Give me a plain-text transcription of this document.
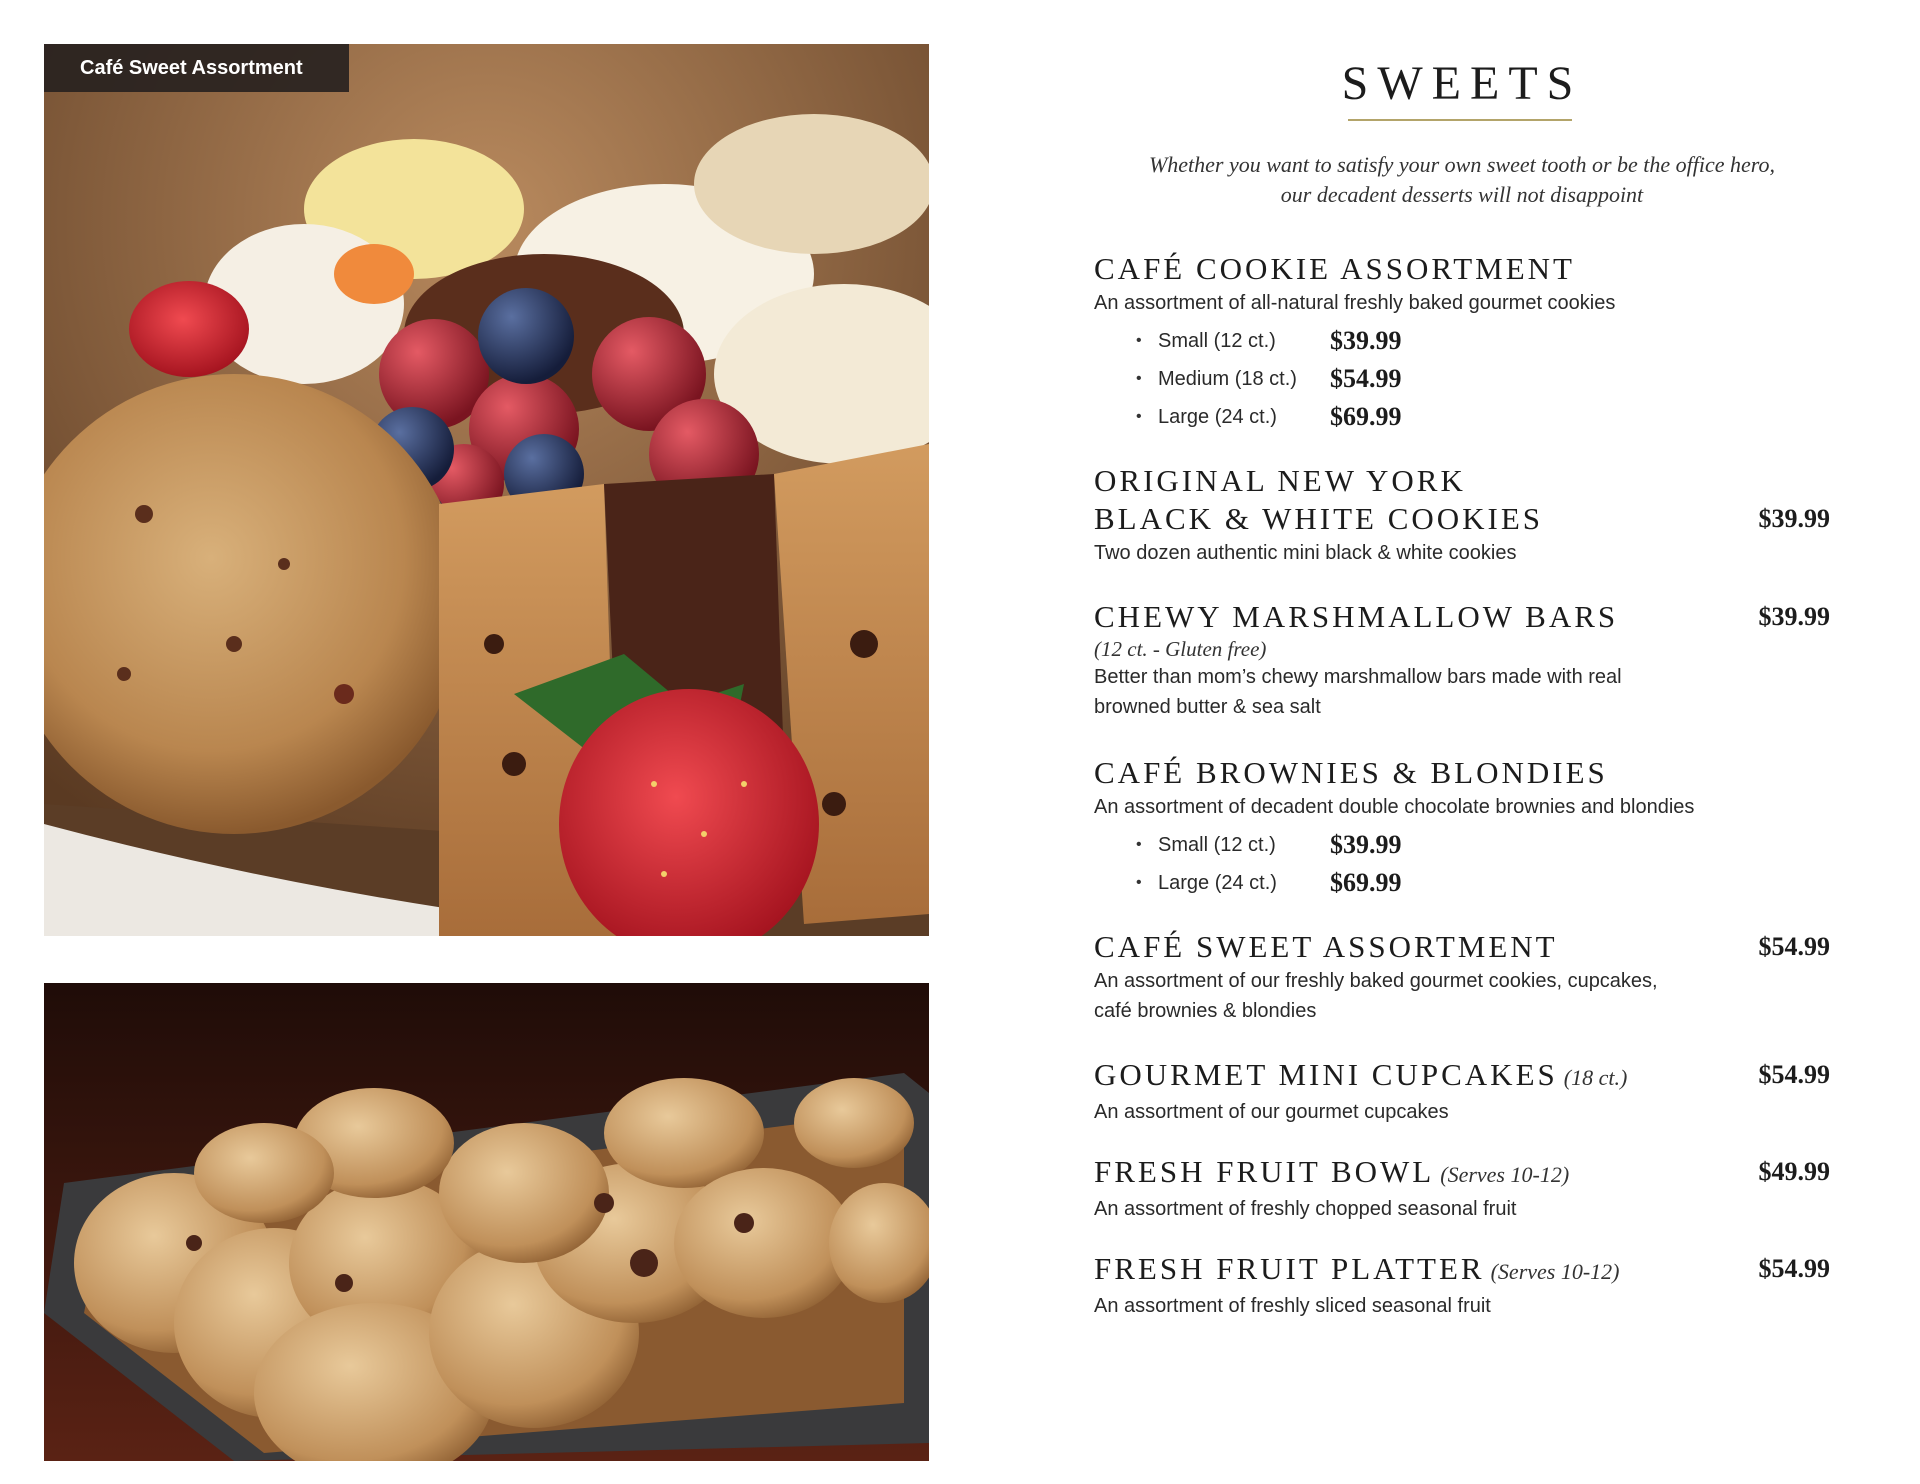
Café Sweet Assortment	SWEETS
Whether you want to satisfy your own sweet tooth or be the office hero,
our decadent desserts will not disappoint
CAFÉ COOKIE ASSORTMENT
An assortment of all-natural freshly baked gourmet cookies
• Small (12 ct.)	$39.99
• Medium (18 ct.)	$54.99
• Large (24 ct.)	$69.99
ORIGINAL NEW YORK
BLACK & WHITE COOKIES	$39.99
Two dozen authentic mini black & white cookies
CHEWY MARSHMALLOW BARS	$39.99
(12 ct. - Gluten free)
Better than mom’s chewy marshmallow bars made with real
browned butter & sea salt
CAFÉ BROWNIES & BLONDIES
An assortment of decadent double chocolate brownies and blondies
• Small (12 ct.)	$39.99
• Large (24 ct.)	$69.99
CAFÉ SWEET ASSORTMENT	$54.99
An assortment of our freshly baked gourmet cookies, cupcakes,
café brownies & blondies
GOURMET MINI CUPCAKES (18 ct.)	$54.99
An assortment of our gourmet cupcakes
FRESH FRUIT BOWL (Serves 10-12)	$49.99
An assortment of freshly chopped seasonal fruit
FRESH FRUIT PLATTER (Serves 10-12)	$54.99
An assortment of freshly sliced seasonal fruit
